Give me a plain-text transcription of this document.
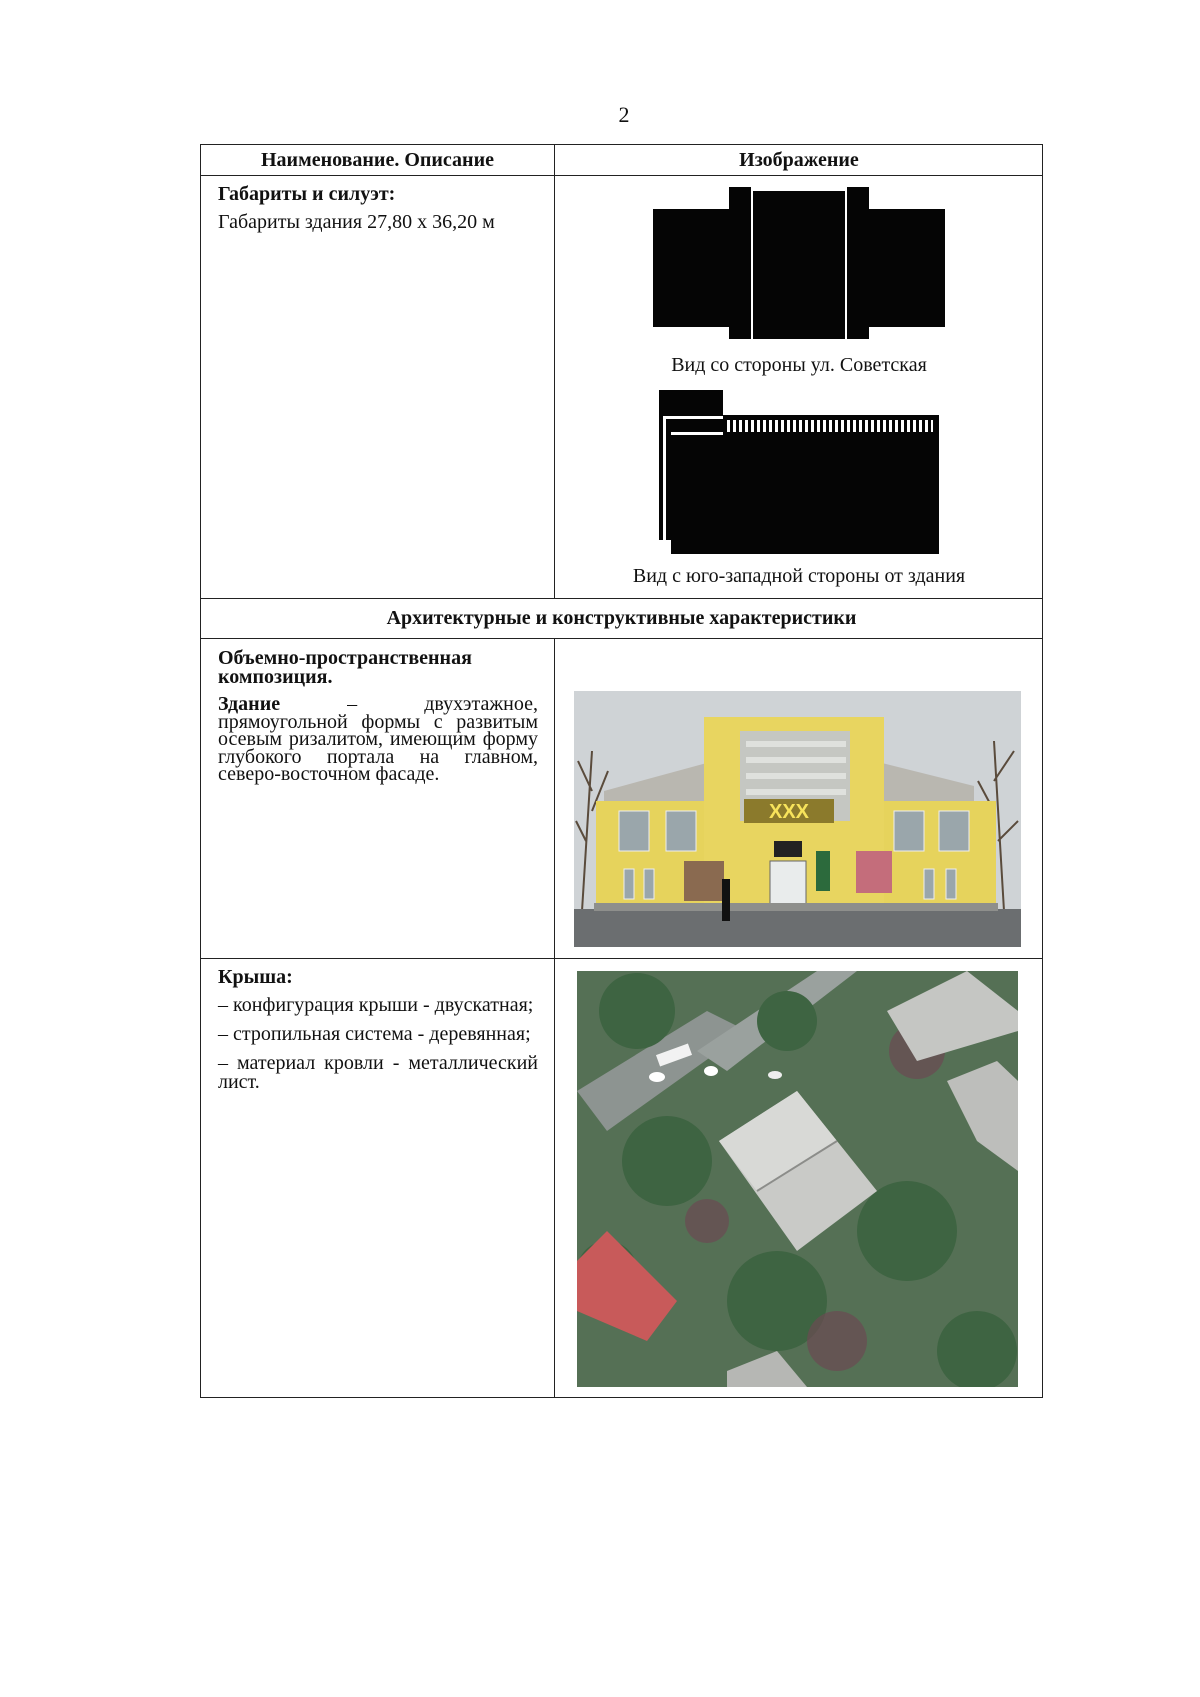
2
Наименование. Описание	Изображение
Габариты и силуэт:
Габариты здания 27,80 х 36,20 м
Вид со стороны ул. Советская
Вид с юго-западной стороны от здания
Архитектурные и конструктивные характеристики
Объемно-пространственная композиция.
Здание – двухэтажное, прямоугольной формы с развитым осевым ризалитом, имеющим форму глубокого портала на главном, северо-восточном фасаде.
XXX
Крыша:
– конфигурация крыши - двускатная;
– стропильная система - деревянная;
– материал кровли - металлический лист.
